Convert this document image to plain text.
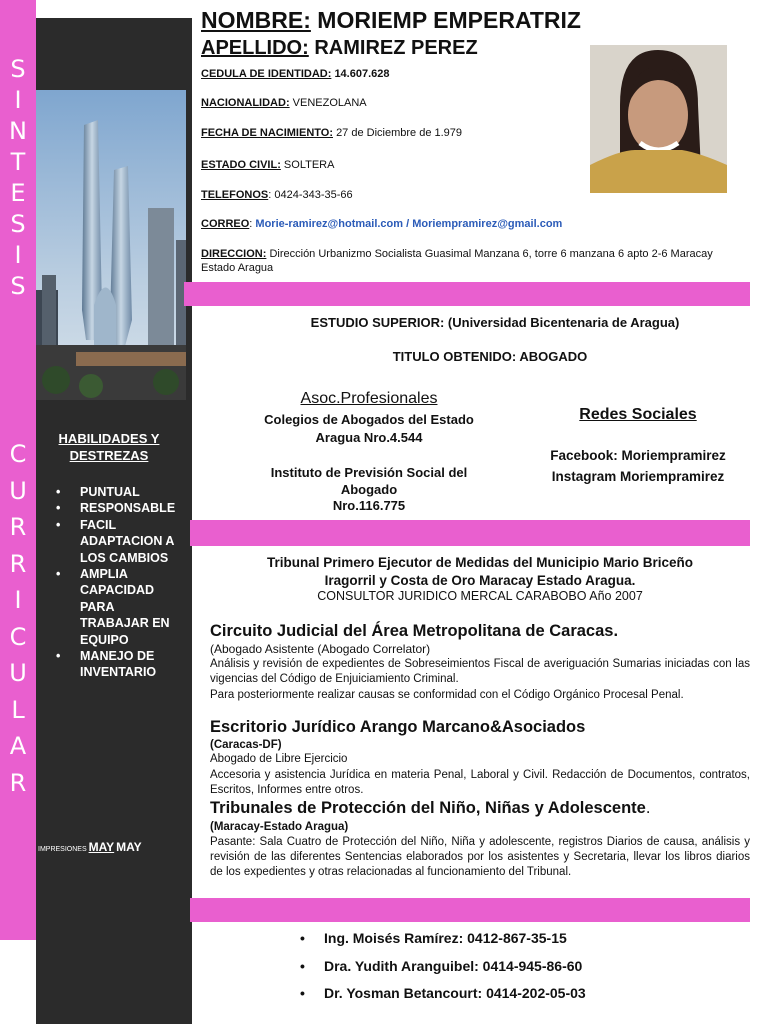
S
I
N
T
E
S
I
S
C
U
R
R
I
C
U
L
A
R
HABILIDADES Y DESTREZAS
• PUNTUAL
• RESPONSABLE
• FACIL ADAPTACION A LOS CAMBIOS
• AMPLIA CAPACIDAD PARA TRABAJAR EN EQUIPO
• MANEJO DE INVENTARIO
IMPRESIONES MAY MAY
NOMBRE: MORIEMP EMPERATRIZ
APELLIDO: RAMIREZ PEREZ
CEDULA DE IDENTIDAD: 14.607.628
NACIONALIDAD: VENEZOLANA
FECHA DE NACIMIENTO: 27 de Diciembre de 1.979
ESTADO CIVIL: SOLTERA
TELEFONOS: 0424-343-35-66
CORREO: Morie-ramirez@hotmail.com / Moriempramirez@gmail.com
DIRECCION: Dirección Urbanizmo Socialista Guasimal Manzana 6, torre 6 manzana 6 apto 2-6 Maracay Estado Aragua
ESTUDIO SUPERIOR: (Universidad Bicentenaria de Aragua)
TITULO OBTENIDO: ABOGADO
Asoc.Profesionales
Colegios de Abogados del Estado
Aragua Nro.4.544
Instituto de Previsión Social del
Abogado
Nro.116.775
Redes Sociales
Facebook: Moriempramirez
Instagram Moriempramirez
Tribunal Primero Ejecutor de Medidas del Municipio Mario Briceño
Iragorril y Costa de Oro Maracay Estado Aragua.
CONSULTOR JURIDICO MERCAL CARABOBO Año 2007
Circuito Judicial del Área Metropolitana de Caracas.
(Abogado Asistente (Abogado Correlator)
Análisis y revisión de expedientes de Sobreseimientos Fiscal de averiguación Sumarias iniciadas con las vigencias del Código de Enjuiciamiento Criminal.
Para posteriormente realizar causas se conformidad con el Código Orgánico Procesal Penal.
Escritorio Jurídico Arango Marcano&Asociados
(Caracas-DF)
Abogado de Libre Ejercicio
Accesoria y asistencia Jurídica en materia Penal, Laboral y Civil. Redacción de Documentos, contratos, Escritos, Informes entre otros.
Tribunales de Protección del Niño, Niñas y Adolescente.
(Maracay-Estado Aragua)
Pasante: Sala Cuatro de Protección del Niño, Niña y adolescente, registros Diarios de causa, análisis y revisión de las diferentes Sentencias elaborados por los asistentes y Secretaria, llevar los libros diarios de los expedientes y otras relacionadas al funcionamiento del Tribunal.
• Ing. Moisés Ramírez: 0412-867-35-15
• Dra. Yudith Aranguibel: 0414-945-86-60
• Dr. Yosman Betancourt: 0414-202-05-03
